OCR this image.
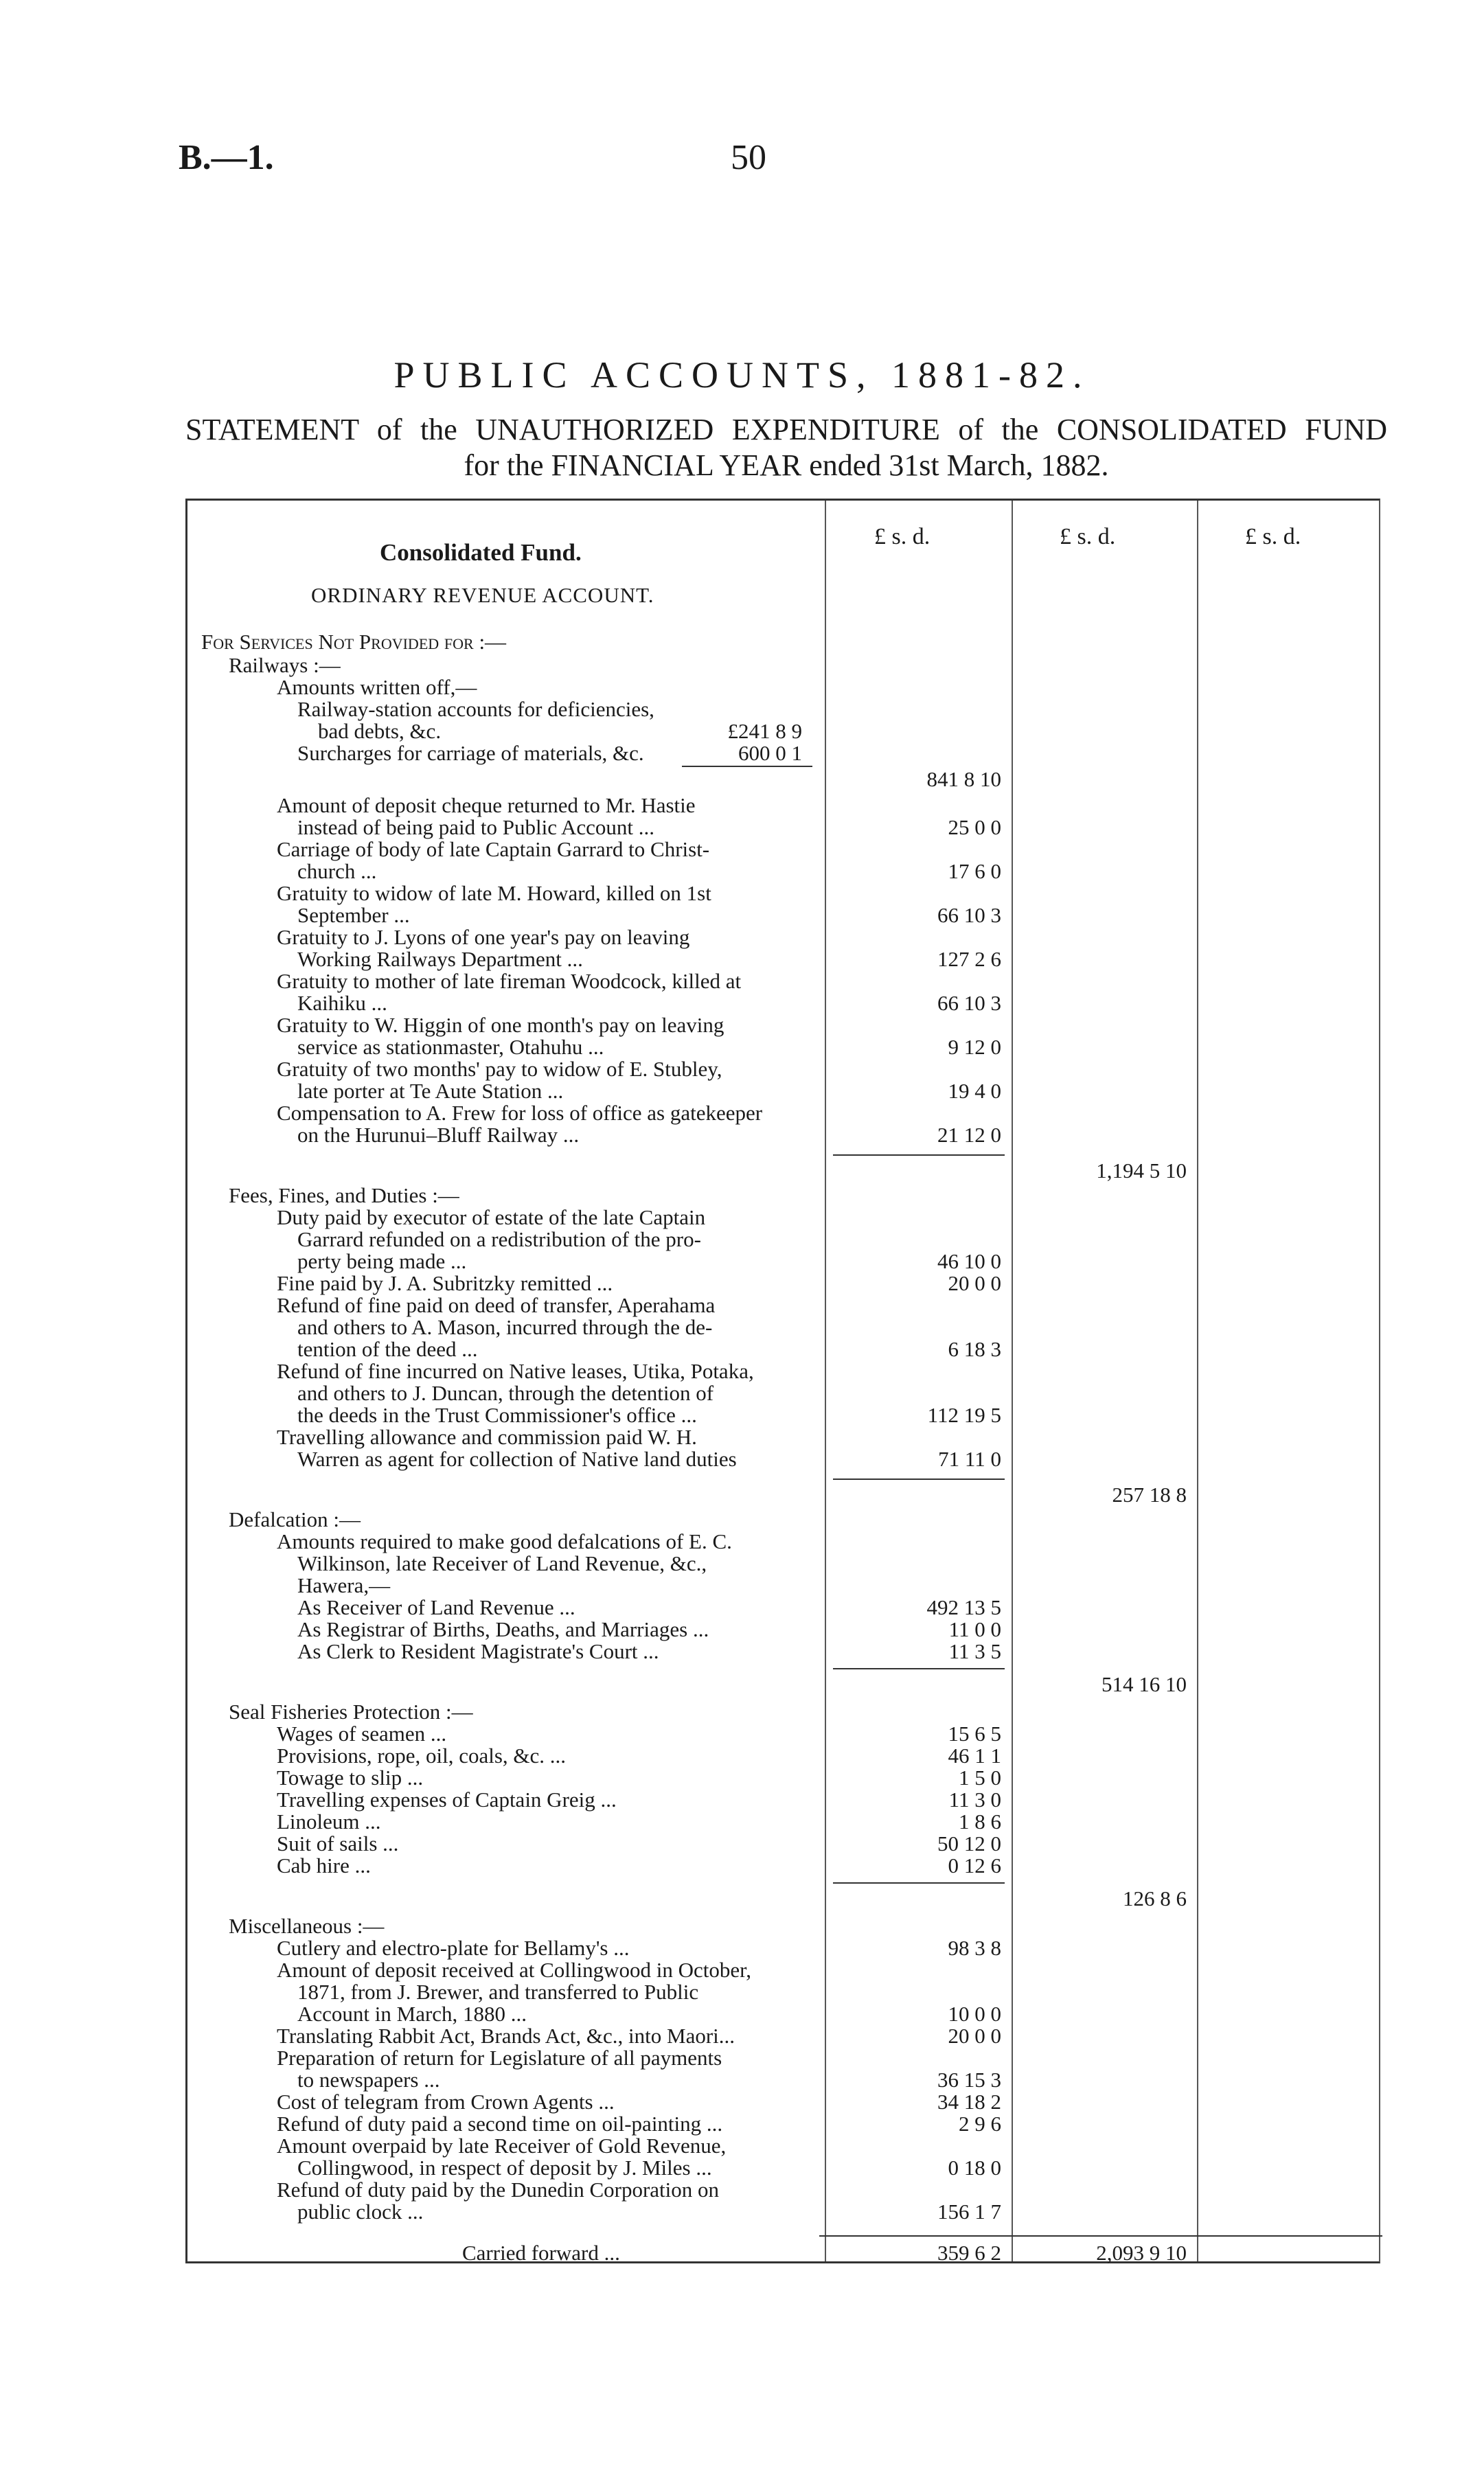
B.—1.	50
PUBLIC ACCOUNTS, 1881-82.
STATEMENT of the UNAUTHORIZED EXPENDITURE of the CONSOLIDATED FUND
for the FINANCIAL YEAR ended 31st March, 1882.
£ s. d.	£ s. d.	£ s. d.
Consolidated Fund.
ORDINARY REVENUE ACCOUNT.
For Services Not Provided for :—
Railways :—
Amounts written off,—
Railway-station accounts for deficiencies,
bad debts, &c.	£241 8 9
Surcharges for carriage of materials, &c.	600 0 1
841 8 10
Amount of deposit cheque returned to Mr. Hastie
instead of being paid to Public Account ...	25 0 0
Carriage of body of late Captain Garrard to Christ-
church ...	17 6 0
Gratuity to widow of late M. Howard, killed on 1st
September ...	66 10 3
Gratuity to J. Lyons of one year's pay on leaving
Working Railways Department ...	127 2 6
Gratuity to mother of late fireman Woodcock, killed at
Kaihiku ...	66 10 3
Gratuity to W. Higgin of one month's pay on leaving
service as stationmaster, Otahuhu ...	9 12 0
Gratuity of two months' pay to widow of E. Stubley,
late porter at Te Aute Station ...	19 4 0
Compensation to A. Frew for loss of office as gatekeeper
on the Hurunui–Bluff Railway ...	21 12 0
1,194 5 10
Fees, Fines, and Duties :—
Duty paid by executor of estate of the late Captain
Garrard refunded on a redistribution of the pro-
perty being made ...	46 10 0
Fine paid by J. A. Subritzky remitted ...	20 0 0
Refund of fine paid on deed of transfer, Aperahama
and others to A. Mason, incurred through the de-
tention of the deed ...	6 18 3
Refund of fine incurred on Native leases, Utika, Potaka,
and others to J. Duncan, through the detention of
the deeds in the Trust Commissioner's office ...	112 19 5
Travelling allowance and commission paid W. H.
Warren as agent for collection of Native land duties	71 11 0
257 18 8
Defalcation :—
Amounts required to make good defalcations of E. C.
Wilkinson, late Receiver of Land Revenue, &c.,
Hawera,—
As Receiver of Land Revenue ...	492 13 5
As Registrar of Births, Deaths, and Marriages ...	11 0 0
As Clerk to Resident Magistrate's Court ...	11 3 5
514 16 10
Seal Fisheries Protection :—
Wages of seamen ...	15 6 5
Provisions, rope, oil, coals, &c. ...	46 1 1
Towage to slip ...	1 5 0
Travelling expenses of Captain Greig ...	11 3 0
Linoleum ...	1 8 6
Suit of sails ...	50 12 0
Cab hire ...	0 12 6
126 8 6
Miscellaneous :—
Cutlery and electro-plate for Bellamy's ...	98 3 8
Amount of deposit received at Collingwood in October,
1871, from J. Brewer, and transferred to Public
Account in March, 1880 ...	10 0 0
Translating Rabbit Act, Brands Act, &c., into Maori...	20 0 0
Preparation of return for Legislature of all payments
to newspapers ...	36 15 3
Cost of telegram from Crown Agents ...	34 18 2
Refund of duty paid a second time on oil-painting ...	2 9 6
Amount overpaid by late Receiver of Gold Revenue,
Collingwood, in respect of deposit by J. Miles ...	0 18 0
Refund of duty paid by the Dunedin Corporation on
public clock ...	156 1 7
Carried forward ...	359 6 2	2,093 9 10
